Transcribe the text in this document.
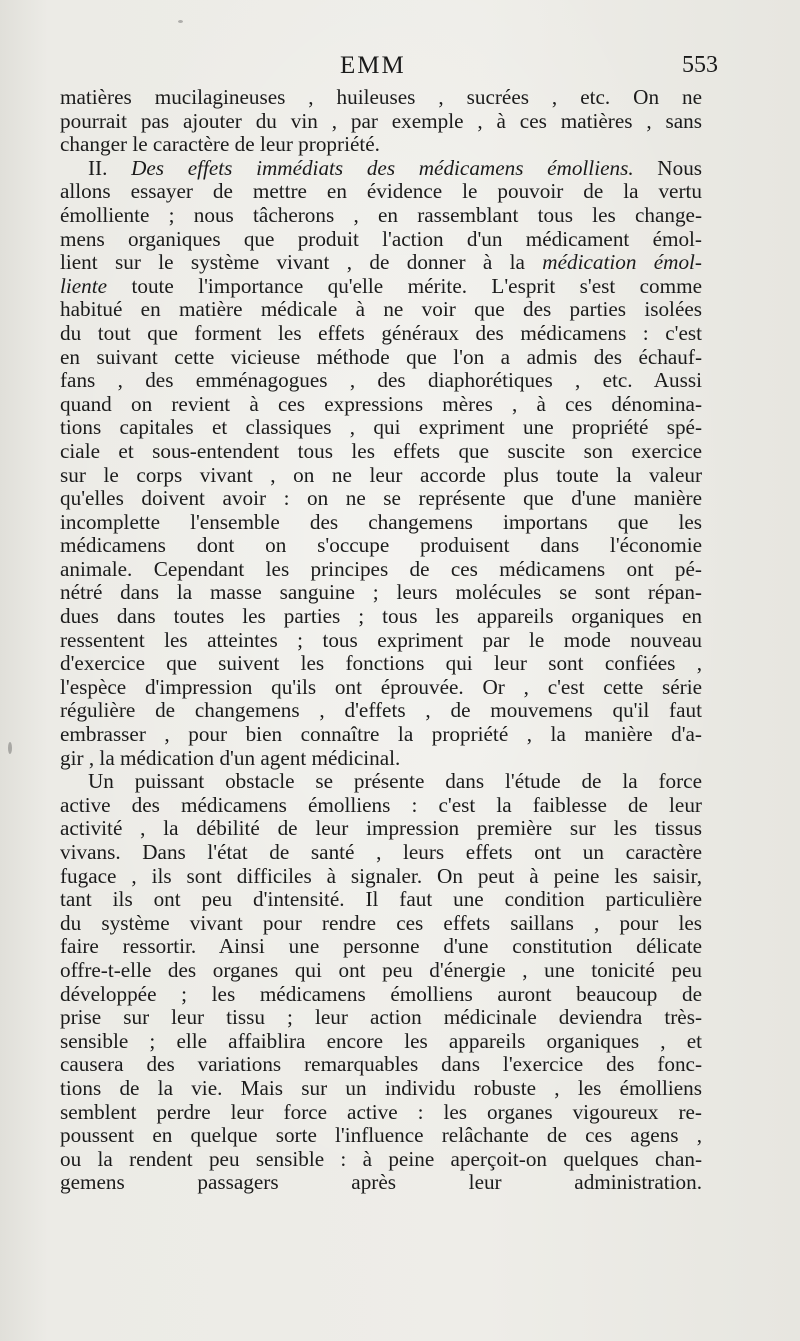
EMM	553
matières mucilagineuses , huileuses , sucrées , etc. On ne
pourrait pas ajouter du vin , par exemple , à ces matières , sans
changer le caractère de leur propriété.
II. Des effets immédiats des médicamens émolliens. Nous
allons essayer de mettre en évidence le pouvoir de la vertu
émolliente ; nous tâcherons , en rassemblant tous les change-
mens organiques que produit l'action d'un médicament émol-
lient sur le système vivant , de donner à la médication émol-
liente toute l'importance qu'elle mérite. L'esprit s'est comme
habitué en matière médicale à ne voir que des parties isolées
du tout que forment les effets généraux des médicamens : c'est
en suivant cette vicieuse méthode que l'on a admis des échauf-
fans , des emménagogues , des diaphorétiques , etc. Aussi
quand on revient à ces expressions mères , à ces dénomina-
tions capitales et classiques , qui expriment une propriété spé-
ciale et sous-entendent tous les effets que suscite son exercice
sur le corps vivant , on ne leur accorde plus toute la valeur
qu'elles doivent avoir : on ne se représente que d'une manière
incomplette l'ensemble des changemens importans que les
médicamens dont on s'occupe produisent dans l'économie
animale. Cependant les principes de ces médicamens ont pé-
nétré dans la masse sanguine ; leurs molécules se sont répan-
dues dans toutes les parties ; tous les appareils organiques en
ressentent les atteintes ; tous expriment par le mode nouveau
d'exercice que suivent les fonctions qui leur sont confiées ,
l'espèce d'impression qu'ils ont éprouvée. Or , c'est cette série
régulière de changemens , d'effets , de mouvemens qu'il faut
embrasser , pour bien connaître la propriété , la manière d'a-
gir , la médication d'un agent médicinal.
Un puissant obstacle se présente dans l'étude de la force
active des médicamens émolliens : c'est la faiblesse de leur
activité , la débilité de leur impression première sur les tissus
vivans. Dans l'état de santé , leurs effets ont un caractère
fugace , ils sont difficiles à signaler. On peut à peine les saisir,
tant ils ont peu d'intensité. Il faut une condition particulière
du système vivant pour rendre ces effets saillans , pour les
faire ressortir. Ainsi une personne d'une constitution délicate
offre-t-elle des organes qui ont peu d'énergie , une tonicité peu
développée ; les médicamens émolliens auront beaucoup de
prise sur leur tissu ; leur action médicinale deviendra très-
sensible ; elle affaiblira encore les appareils organiques , et
causera des variations remarquables dans l'exercice des fonc-
tions de la vie. Mais sur un individu robuste , les émolliens
semblent perdre leur force active : les organes vigoureux re-
poussent en quelque sorte l'influence relâchante de ces agens ,
ou la rendent peu sensible : à peine aperçoit-on quelques chan-
gemens passagers après leur administration.
